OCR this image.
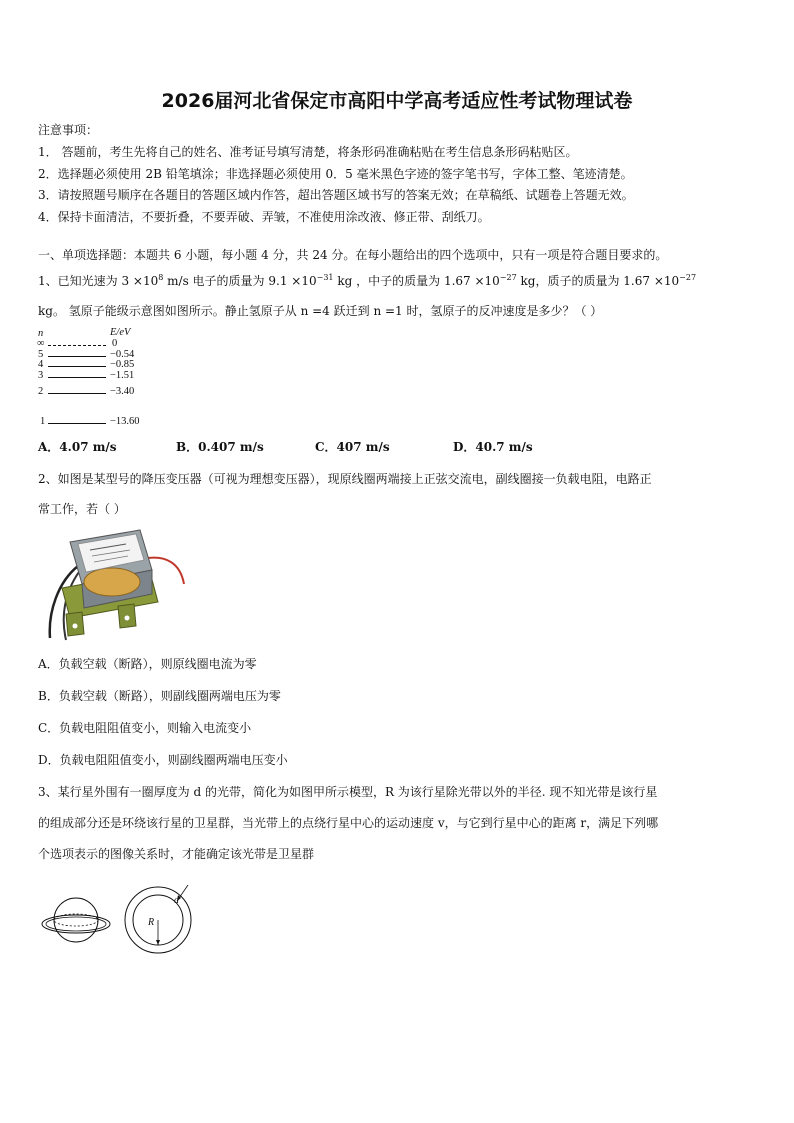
2026届河北省保定市高阳中学高考适应性考试物理试卷
注意事项：
1． 答题前，考生先将自己的姓名、准考证号填写清楚，将条形码准确粘贴在考生信息条形码粘贴区。
2．选择题必须使用 2B 铅笔填涂；非选择题必须使用 0．5 毫米黑色字迹的签字笔书写，字体工整、笔迹清楚。
3．请按照题号顺序在各题目的答题区域内作答，超出答题区域书写的答案无效；在草稿纸、试题卷上答题无效。
4．保持卡面清洁，不要折叠，不要弄破、弄皱，不准使用涂改液、修正带、刮纸刀。
一、单项选择题：本题共 6 小题，每小题 4 分，共 24 分。在每小题给出的四个选项中，只有一项是符合题目要求的。
1、已知光速为 $3 \times 10^8$ m/s 电子的质量为 $9.1 \times 10^{-31}$ kg ，中子的质量为 $1.67 \times 10^{-27}$ kg，质子的质量为 $1.67 \times 10^{-27}$
kg。 氢原子能级示意图如图所示。静止氢原子从 n =4 跃迁到 n =1 时，氢原子的反冲速度是多少？（ ）
n	E/eV
∞	0
5	−0.54
4	−0.85
3	−1.51
2	−3.40
1	−13.60
A．4.07 m/s	B．0.407 m/s	C．407 m/s	D．40.7 m/s
2、如图是某型号的降压变压器（可视为理想变压器），现原线圈两端接上正弦交流电，副线圈接一负载电阻，电路正
常工作，若（ ）
A．负载空载（断路），则原线圈电流为零
B．负载空载（断路），则副线圈两端电压为零
C．负载电阻阻值变小，则输入电流变小
D．负载电阻阻值变小，则副线圈两端电压变小
3、某行星外围有一圈厚度为 d 的光带，简化为如图甲所示模型，R 为该行星除光带以外的半径. 现不知光带是该行星
的组成部分还是环绕该行星的卫星群，当光带上的点绕行星中心的运动速度 v，与它到行星中心的距离 r，满足下列哪
个选项表示的图像关系时，才能确定该光带是卫星群
R
d
